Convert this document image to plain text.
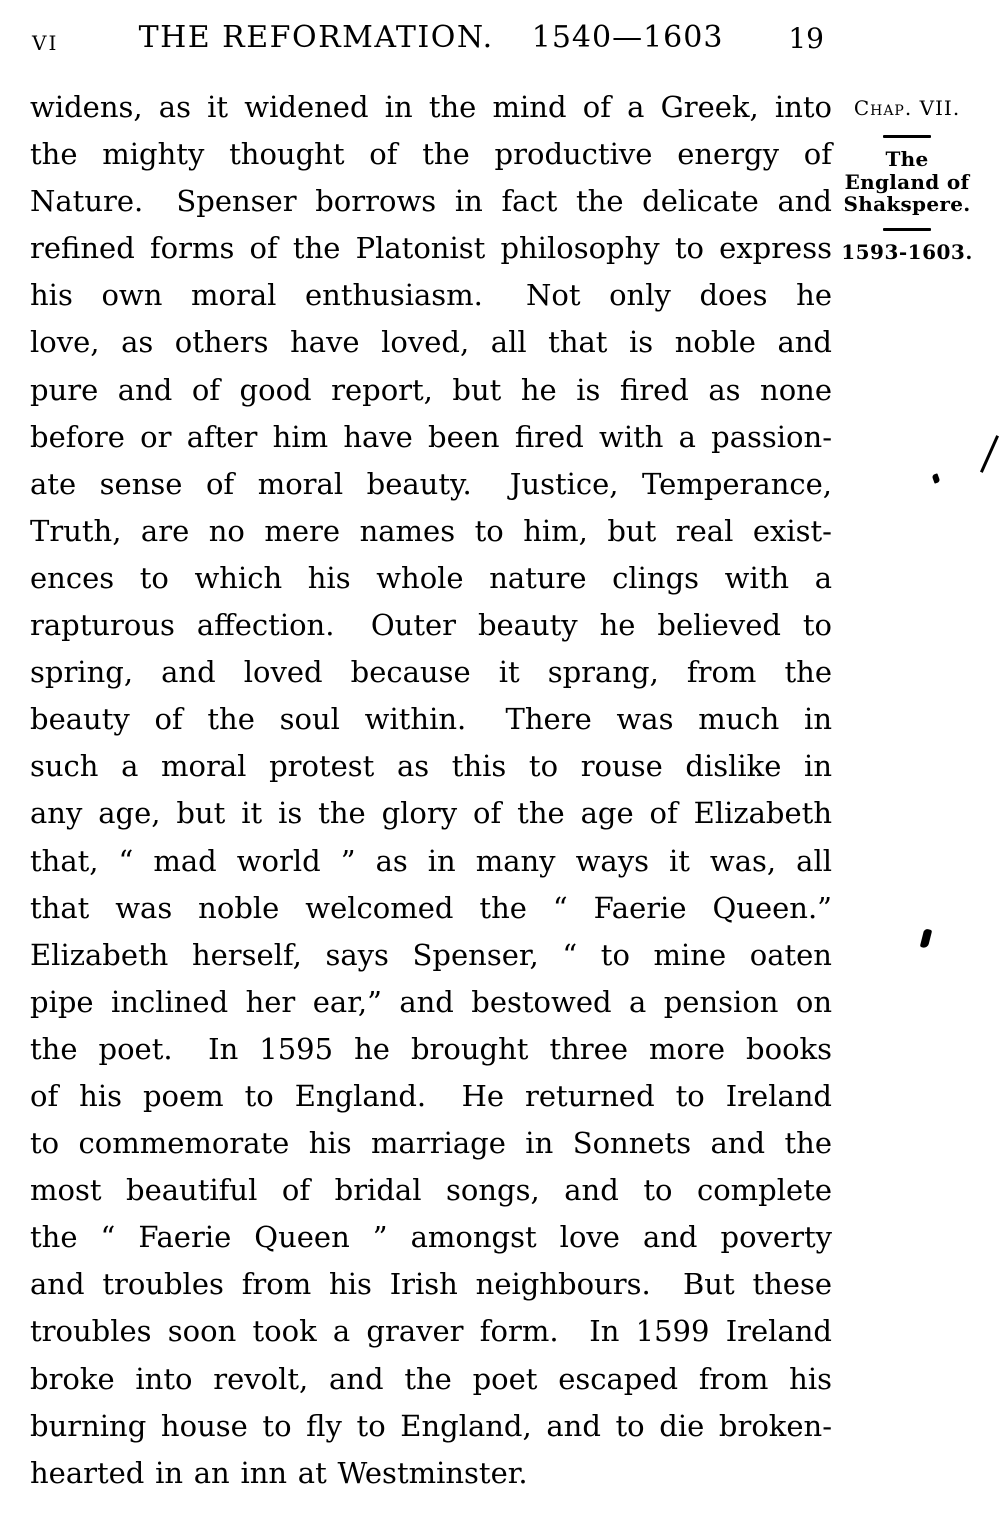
VI	THE REFORMATION. 1540—1603 19
widens, as it widened in the mind of a Greek, into
the mighty thought of the productive energy of
Nature.  Spenser borrows in fact the delicate and
refined forms of the Platonist philosophy to express
his own moral enthusiasm.  Not only does he
love, as others have loved, all that is noble and
pure and of good report, but he is fired as none
before or after him have been fired with a passion-
ate sense of moral beauty.  Justice, Temperance,
Truth, are no mere names to him, but real exist-
ences to which his whole nature clings with a
rapturous affection.  Outer beauty he believed to
spring, and loved because it sprang, from the
beauty of the soul within.  There was much in
such a moral protest as this to rouse dislike in
any age, but it is the glory of the age of Elizabeth
that, “ mad world ” as in many ways it was, all
that was noble welcomed the “ Faerie Queen.”
Elizabeth herself, says Spenser, “ to mine oaten
pipe inclined her ear,” and bestowed a pension on
the poet.  In 1595 he brought three more books
of his poem to England.  He returned to Ireland
to commemorate his marriage in Sonnets and the
most beautiful of bridal songs, and to complete
the “ Faerie Queen ” amongst love and poverty
and troubles from his Irish neighbours.  But these
troubles soon took a graver form.  In 1599 Ireland
broke into revolt, and the poet escaped from his
burning house to fly to England, and to die broken-
hearted in an inn at Westminster.
Chap. VII.
The
England of
Shakspere.
1593-1603.
